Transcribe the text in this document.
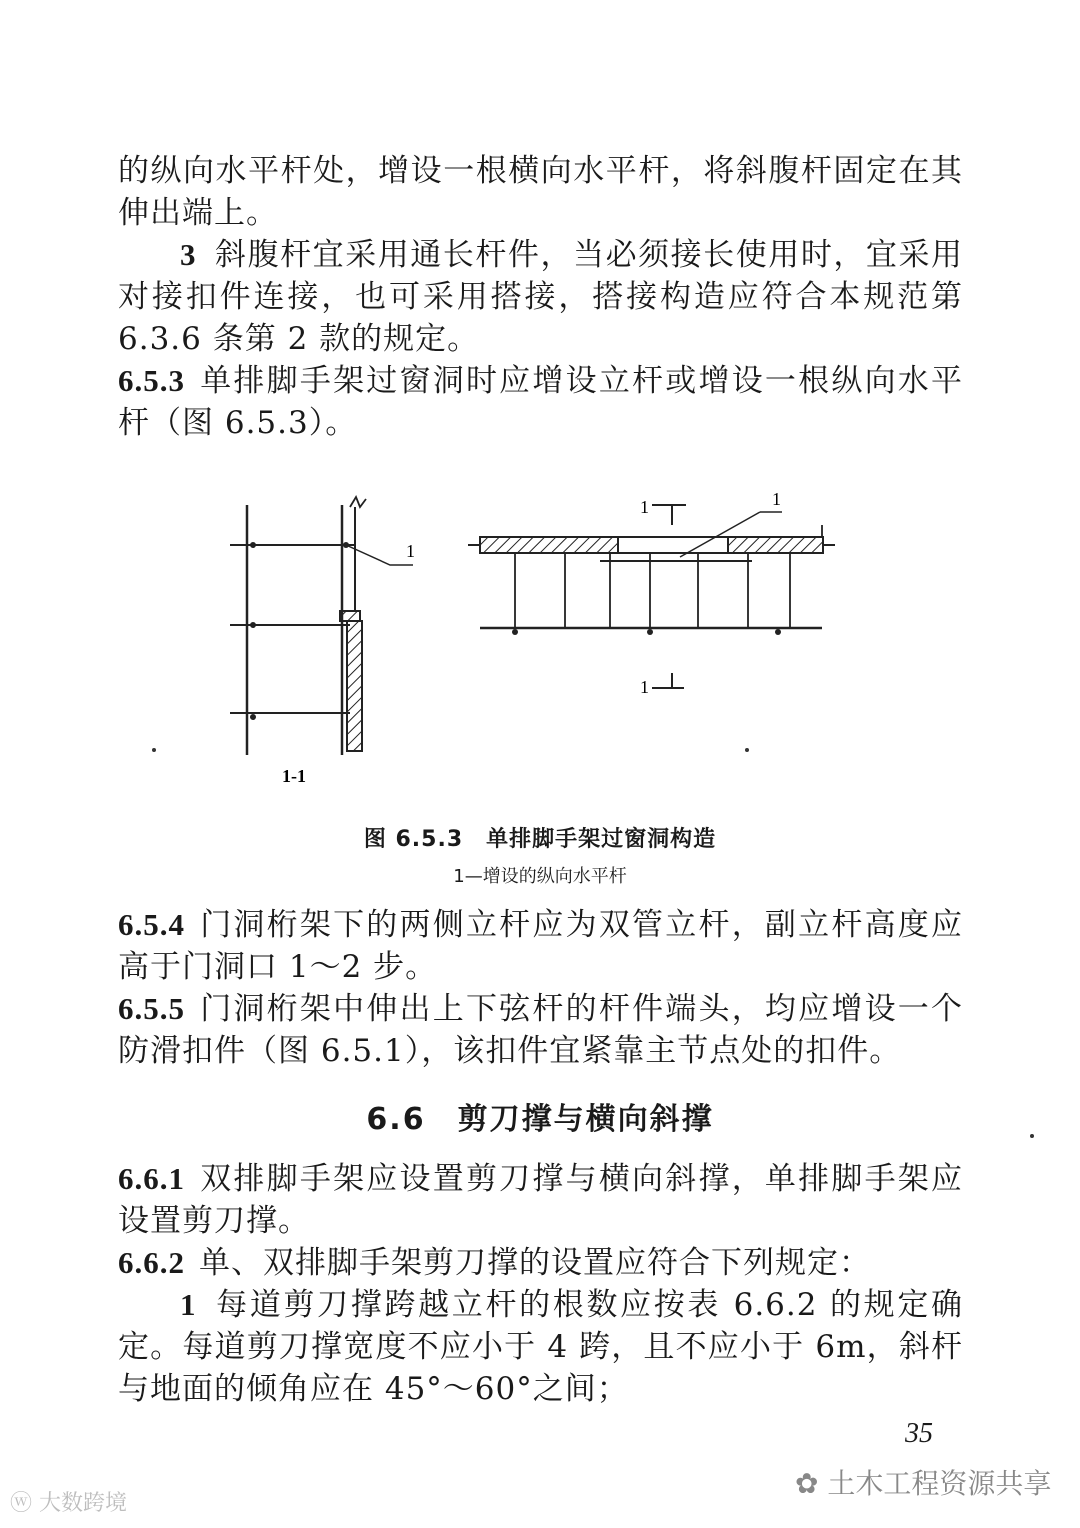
的纵向水平杆处，增设一根横向水平杆，将斜腹杆固定在其伸出端上。

3 斜腹杆宜采用通长杆件，当必须接长使用时，宜采用对接扣件连接，也可采用搭接，搭接构造应符合本规范第 6.3.6 条第 2 款的规定。

6.5.3 单排脚手架过窗洞时应增设立杆或增设一根纵向水平杆（图 6.5.3）。

1
1-1
1
1
1
图 6.5.3　单排脚手架过窗洞构造
1—增设的纵向水平杆

6.5.4 门洞桁架下的两侧立杆应为双管立杆，副立杆高度应高于门洞口 1～2 步。

6.5.5 门洞桁架中伸出上下弦杆的杆件端头，均应增设一个防滑扣件（图 6.5.1），该扣件宜紧靠主节点处的扣件。

6.6　剪刀撑与横向斜撑

6.6.1 双排脚手架应设置剪刀撑与横向斜撑，单排脚手架应设置剪刀撑。

6.6.2 单、双排脚手架剪刀撑的设置应符合下列规定：

1 每道剪刀撑跨越立杆的根数应按表 6.6.2 的规定确定。每道剪刀撑宽度不应小于 4 跨，且不应小于 6m，斜杆与地面的倾角应在 45°～60°之间；

35
✿ 土木工程资源共享
ⓦ 大数跨境
